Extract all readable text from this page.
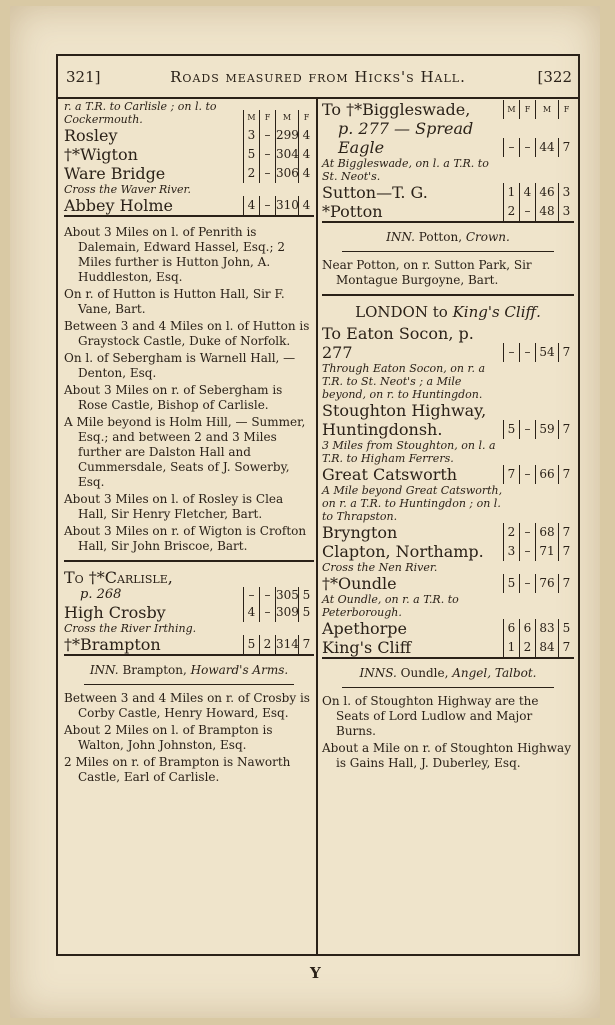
321]	Roads measured from Hicks's Hall.	[322
r. a T.R. to Carlisle ; on l. to Cockermouth.	M	F	M	F
Rosley	3 – 299 4
†*Wigton	5 – 304 4
Ware Bridge	2 – 306 4
Cross the Waver River.
Abbey Holme	4 – 310 4

About 3 Miles on l. of Penrith is Dalemain, Edward Hassel, Esq.; 2 Miles further is Hutton John, A. Huddleston, Esq.

On r. of Hutton is Hutton Hall, Sir F. Vane, Bart.

Between 3 and 4 Miles on l. of Hutton is Graystock Castle, Duke of Norfolk.

On l. of Sebergham is Warnell Hall, — Denton, Esq.

About 3 Miles on r. of Sebergham is Rose Castle, Bishop of Carlisle.

A Mile beyond is Holm Hill, — Summer, Esq.; and between 2 and 3 Miles further are Dalston Hall and Cummersdale, Seats of J. Sowerby, Esq.

About 3 Miles on l. of Rosley is Clea Hall, Sir Henry Fletcher, Bart.

About 3 Miles on r. of Wigton is Crofton Hall, Sir John Briscoe, Bart.

To †*Carlisle,
p. 268	– – 305 5
High Crosby	4 – 309 5
Cross the River Irthing.
†*Brampton	5 2 314 7
INN. Brampton, Howard's Arms.

Between 3 and 4 Miles on r. of Crosby is Corby Castle, Henry Howard, Esq.

About 2 Miles on l. of Brampton is Walton, John Johnston, Esq.

2 Miles on r. of Brampton is Naworth Castle, Earl of Carlisle.

To †*Biggleswade,	M	F	M	F
p. 277 — Spread Eagle	– – 44 7
At Biggleswade, on l. a T.R. to St. Neot's.
Sutton—T. G.	1 4 46 3
*Potton	2 – 48 3
INN. Potton, Crown.

Near Potton, on r. Sutton Park, Sir Montague Burgoyne, Bart.

LONDON to King's Cliff.
To Eaton Socon, p. 277	– – 54 7
Through Eaton Socon, on r. a T.R. to St. Neot's ; a Mile beyond, on r. to Huntingdon.
Stoughton Highway, Huntingdonsh.	5 – 59 7
3 Miles from Stoughton, on l. a T.R. to Higham Ferrers.
Great Catsworth	7 – 66 7
A Mile beyond Great Catsworth, on r. a T.R. to Huntingdon ; on l. to Thrapston.
Bryngton	2 – 68 7
Clapton, Northamp.	3 – 71 7
Cross the Nen River.
†*Oundle	5 – 76 7
At Oundle, on r. a T.R. to Peterborough.
Apethorpe	6 6 83 5
King's Cliff	1 2 84 7
INNS. Oundle, Angel, Talbot.

On l. of Stoughton Highway are the Seats of Lord Ludlow and Major Burns.

About a Mile on r. of Stoughton Highway is Gains Hall, J. Duberley, Esq.

Y
